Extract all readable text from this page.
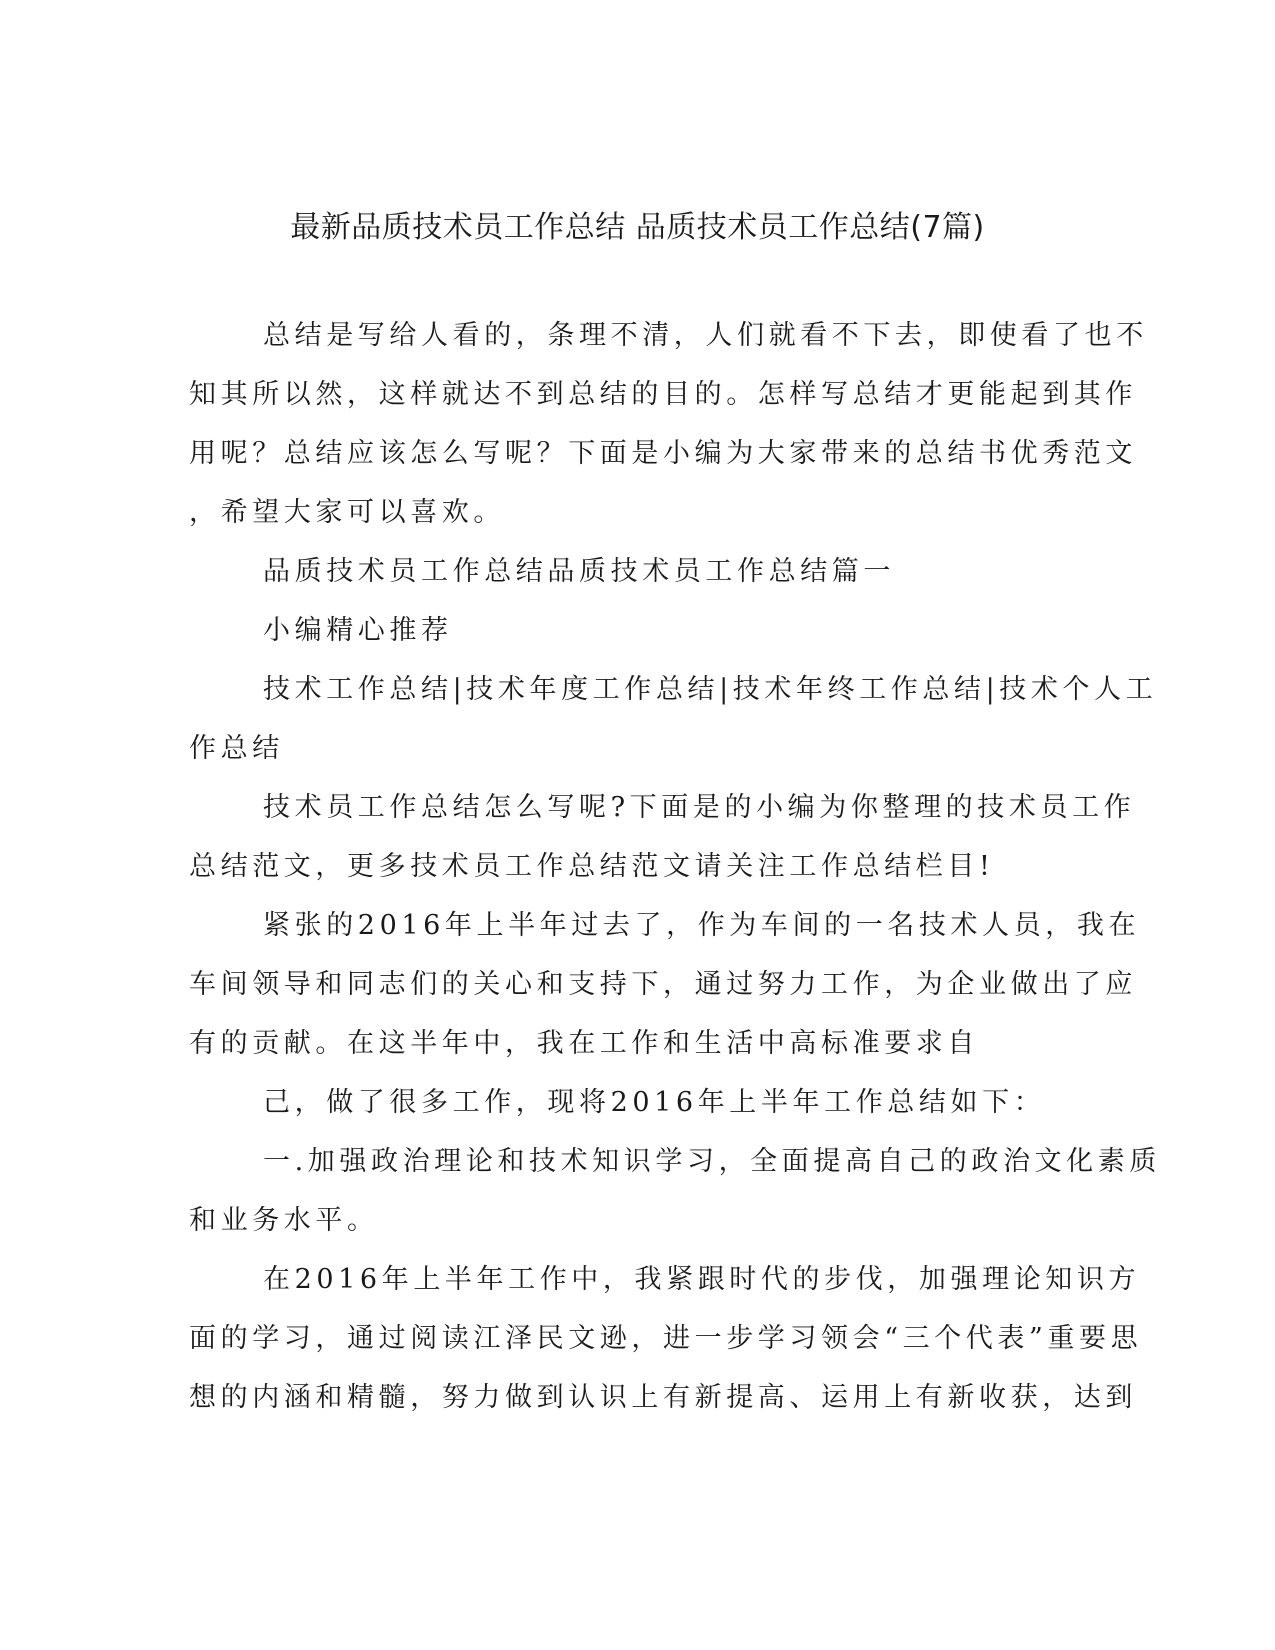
最新品质技术员工作总结 品质技术员工作总结(7篇)
总结是写给人看的，条理不清，人们就看不下去，即使看了也不
知其所以然，这样就达不到总结的目的。怎样写总结才更能起到其作
用呢？总结应该怎么写呢？下面是小编为大家带来的总结书优秀范文
，希望大家可以喜欢。
品质技术员工作总结品质技术员工作总结篇一
小编精心推荐
技术工作总结|技术年度工作总结|技术年终工作总结|技术个人工
作总结
技术员工作总结怎么写呢?下面是的小编为你整理的技术员工作
总结范文，更多技术员工作总结范文请关注工作总结栏目!
紧张的2016年上半年过去了，作为车间的一名技术人员，我在
车间领导和同志们的关心和支持下，通过努力工作，为企业做出了应
有的贡献。在这半年中，我在工作和生活中高标准要求自
己，做了很多工作，现将2016年上半年工作总结如下：
一.加强政治理论和技术知识学习，全面提高自己的政治文化素质
和业务水平。
在2016年上半年工作中，我紧跟时代的步伐，加强理论知识方
面的学习，通过阅读江泽民文逊，进一步学习领会“三个代表”重要思
想的内涵和精髓，努力做到认识上有新提高、运用上有新收获，达到
